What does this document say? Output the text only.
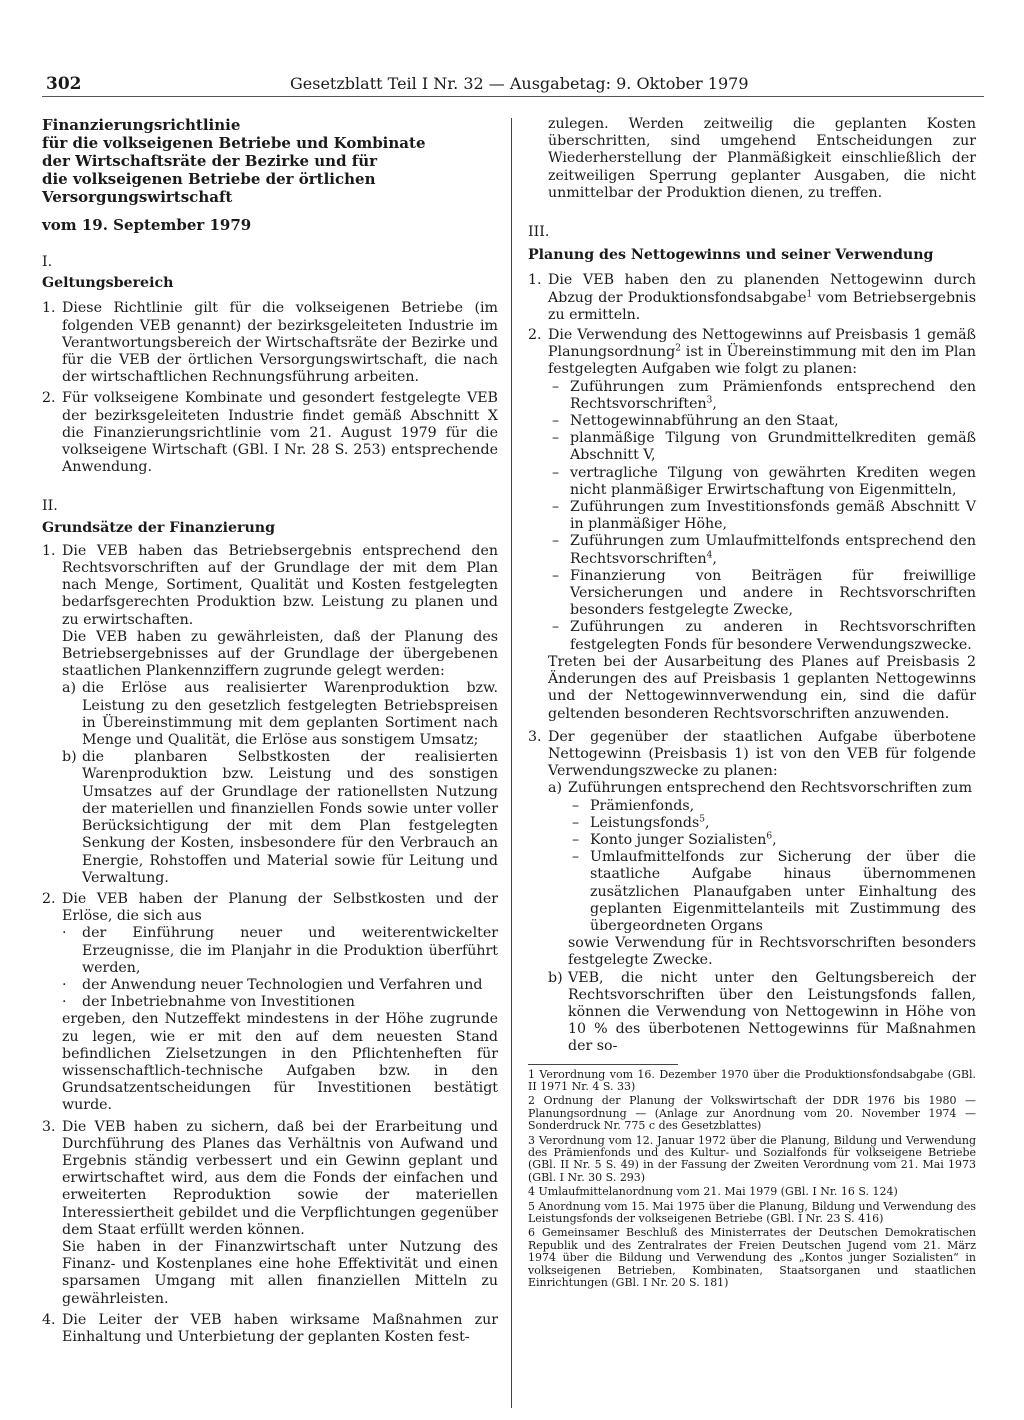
302	Gesetzblatt Teil I Nr. 32 — Ausgabetag: 9. Oktober 1979

Finanzierungsrichtlinie

für die volkseigenen Betriebe und Kombinate

der Wirtschaftsräte der Bezirke und für

die volkseigenen Betriebe der örtlichen

Versorgungswirtschaft

vom 19. September 1979

I.

Geltungsbereich

1. Diese Richtlinie gilt für die volkseigenen Betriebe (im folgenden VEB genannt) der bezirksgeleiteten Industrie im Verantwortungsbereich der Wirtschaftsräte der Bezirke und für die VEB der örtlichen Versorgungswirtschaft, die nach der wirtschaftlichen Rechnungsführung arbeiten.
2. Für volkseigene Kombinate und gesondert festgelegte VEB der bezirksgeleiteten Industrie findet gemäß Abschnitt X die Finanzierungsrichtlinie vom 21. August 1979 für die volkseigene Wirtschaft (GBl. I Nr. 28 S. 253) entsprechende Anwendung.

II.

Grundsätze der Finanzierung

1. Die VEB haben das Betriebsergebnis entsprechend den Rechtsvorschriften auf der Grundlage der mit dem Plan nach Menge, Sortiment, Qualität und Kosten festgelegten bedarfsgerechten Produktion bzw. Leistung zu planen und zu erwirtschaften.

Die VEB haben zu gewährleisten, daß der Planung des Betriebsergebnisses auf der Grundlage der übergebenen staatlichen Plankennziffern zugrunde gelegt werden:

a) die Erlöse aus realisierter Warenproduktion bzw. Leistung zu den gesetzlich festgelegten Betriebspreisen in Übereinstimmung mit dem geplanten Sortiment nach Menge und Qualität, die Erlöse aus sonstigem Umsatz;
b) die planbaren Selbstkosten der realisierten Warenproduktion bzw. Leistung und des sonstigen Umsatzes auf der Grundlage der rationellsten Nutzung der materiellen und finanziellen Fonds sowie unter voller Berücksichtigung der mit dem Plan festgelegten Senkung der Kosten, insbesondere für den Verbrauch an Energie, Rohstoffen und Material sowie für Leitung und Verwaltung.
2. Die VEB haben der Planung der Selbstkosten und der Erlöse, die sich aus

· der Einführung neuer und weiterentwickelter Erzeugnisse, die im Planjahr in die Produktion überführt werden,
· der Anwendung neuer Technologien und Verfahren und
· der Inbetriebnahme von Investitionen

ergeben, den Nutzeffekt mindestens in der Höhe zugrunde zu legen, wie er mit den auf dem neuesten Stand befindlichen Zielsetzungen in den Pflichtenheften für wissenschaftlich-technische Aufgaben bzw. in den Grundsatzentscheidungen für Investitionen bestätigt wurde.

3. Die VEB haben zu sichern, daß bei der Erarbeitung und Durchführung des Planes das Verhältnis von Aufwand und Ergebnis ständig verbessert und ein Gewinn geplant und erwirtschaftet wird, aus dem die Fonds der einfachen und erweiterten Reproduktion sowie der materiellen Interessiertheit gebildet und die Verpflichtungen gegenüber dem Staat erfüllt werden können.

Sie haben in der Finanzwirtschaft unter Nutzung des Finanz- und Kostenplanes eine hohe Effektivität und einen sparsamen Umgang mit allen finanziellen Mitteln zu gewährleisten.

4. Die Leiter der VEB haben wirksame Maßnahmen zur Einhaltung und Unterbietung der geplanten Kosten fest-

zulegen. Werden zeitweilig die geplanten Kosten überschritten, sind umgehend Entscheidungen zur Wiederherstellung der Planmäßigkeit einschließlich der zeitweiligen Sperrung geplanter Ausgaben, die nicht unmittelbar der Produktion dienen, zu treffen.

III.

Planung des Nettogewinns und seiner Verwendung

1. Die VEB haben den zu planenden Nettogewinn durch Abzug der Produktionsfondsabgabe$^1$ vom Betriebsergebnis zu ermitteln.

2. Die Verwendung des Nettogewinns auf Preisbasis 1 gemäß Planungsordnung$^2$ ist in Übereinstimmung mit den im Plan festgelegten Aufgaben wie folgt zu planen:

– Zuführungen zum Prämienfonds entsprechend den Rechtsvorschriften$^3$,
– Nettogewinnabführung an den Staat,
– planmäßige Tilgung von Grundmittelkrediten gemäß Abschnitt V,
– vertragliche Tilgung von gewährten Krediten wegen nicht planmäßiger Erwirtschaftung von Eigenmitteln,
– Zuführungen zum Investitionsfonds gemäß Abschnitt V in planmäßiger Höhe,
– Zuführungen zum Umlaufmittelfonds entsprechend den Rechtsvorschriften$^4$,
– Finanzierung von Beiträgen für freiwillige Versicherungen und andere in Rechtsvorschriften besonders festgelegte Zwecke,
– Zuführungen zu anderen in Rechtsvorschriften festgelegten Fonds für besondere Verwendungszwecke.

Treten bei der Ausarbeitung des Planes auf Preisbasis 2 Änderungen des auf Preisbasis 1 geplanten Nettogewinns und der Nettogewinnverwendung ein, sind die dafür geltenden besonderen Rechtsvorschriften anzuwenden.

3. Der gegenüber der staatlichen Aufgabe überbotene Nettogewinn (Preisbasis 1) ist von den VEB für folgende Verwendungszwecke zu planen:

a) Zuführungen entsprechend den Rechtsvorschriften zum

– Prämienfonds,
– Leistungsfonds$^5$,
– Konto junger Sozialisten$^6$,
– Umlaufmittelfonds zur Sicherung der über die staatliche Aufgabe hinaus übernommenen zusätzlichen Planaufgaben unter Einhaltung des geplanten Eigenmittelanteils mit Zustimmung des übergeordneten Organs

sowie Verwendung für in Rechtsvorschriften besonders festgelegte Zwecke.

b) VEB, die nicht unter den Geltungsbereich der Rechtsvorschriften über den Leistungsfonds fallen, können die Verwendung von Nettogewinn in Höhe von 10 % des überbotenen Nettogewinns für Maßnahmen der so-

1 Verordnung vom 16. Dezember 1970 über die Produktionsfondsabgabe (GBl. II 1971 Nr. 4 S. 33)

2 Ordnung der Planung der Volkswirtschaft der DDR 1976 bis 1980 — Planungsordnung — (Anlage zur Anordnung vom 20. November 1974 — Sonderdruck Nr. 775 c des Gesetzblattes)

3 Verordnung vom 12. Januar 1972 über die Planung, Bildung und Verwendung des Prämienfonds und des Kultur- und Sozialfonds für volkseigene Betriebe (GBl. II Nr. 5 S. 49) in der Fassung der Zweiten Verordnung vom 21. Mai 1973 (GBl. I Nr. 30 S. 293)

4 Umlaufmittelanordnung vom 21. Mai 1979 (GBl. I Nr. 16 S. 124)

5 Anordnung vom 15. Mai 1975 über die Planung, Bildung und Verwendung des Leistungsfonds der volkseigenen Betriebe (GBl. I Nr. 23 S. 416)

6 Gemeinsamer Beschluß des Ministerrates der Deutschen Demokratischen Republik und des Zentralrates der Freien Deutschen Jugend vom 21. März 1974 über die Bildung und Verwendung des „Kontos junger Sozialisten“ in volkseigenen Betrieben, Kombinaten, Staatsorganen und staatlichen Einrichtungen (GBl. I Nr. 20 S. 181)
